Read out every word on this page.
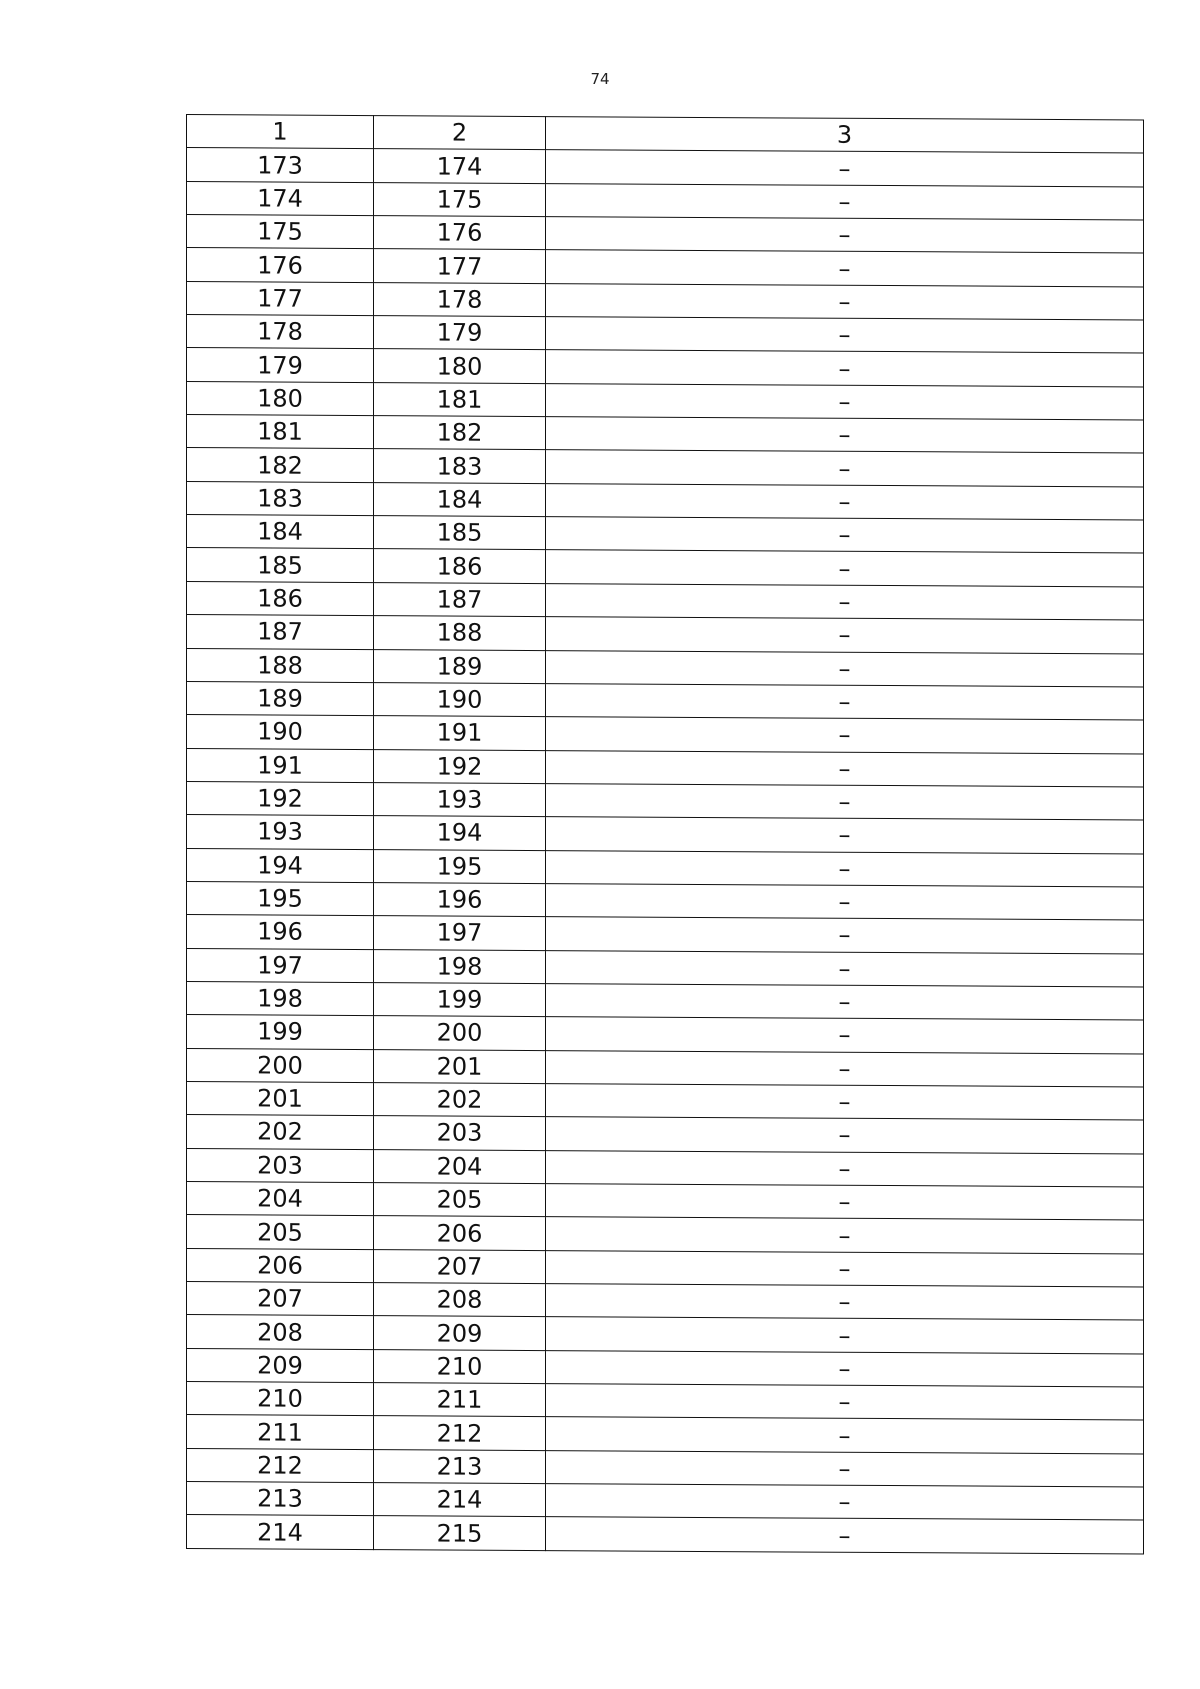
74
1	2	3
173	174	–
174	175	–
175	176	–
176	177	–
177	178	–
178	179	–
179	180	–
180	181	–
181	182	–
182	183	–
183	184	–
184	185	–
185	186	–
186	187	–
187	188	–
188	189	–
189	190	–
190	191	–
191	192	–
192	193	–
193	194	–
194	195	–
195	196	–
196	197	–
197	198	–
198	199	–
199	200	–
200	201	–
201	202	–
202	203	–
203	204	–
204	205	–
205	206	–
206	207	–
207	208	–
208	209	–
209	210	–
210	211	–
211	212	–
212	213	–
213	214	–
214	215	–
